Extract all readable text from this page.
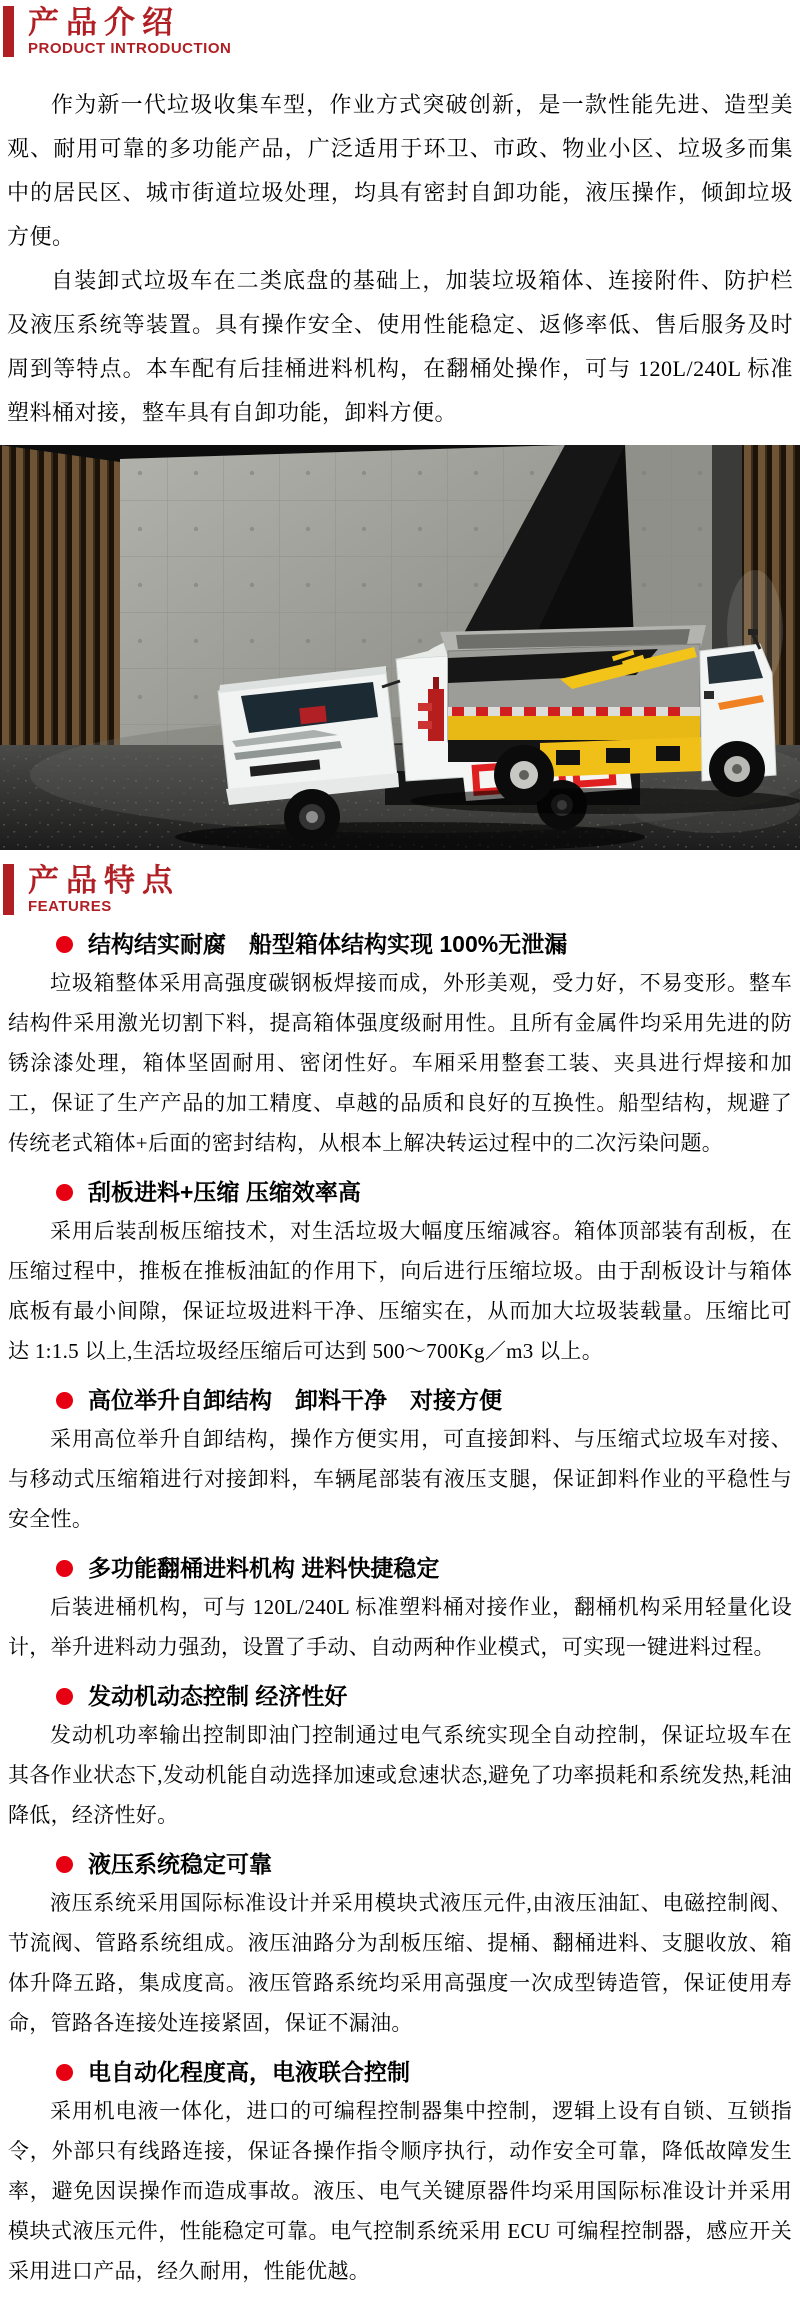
产品介绍
PRODUCT INTRODUCTION

作为新一代垃圾收集车型，作业方式突破创新，是一款性能先进、造型美观、耐用可靠的多功能产品，广泛适用于环卫、市政、物业小区、垃圾多而集中的居民区、城市街道垃圾处理，均具有密封自卸功能，液压操作，倾卸垃圾方便。

自装卸式垃圾车在二类底盘的基础上，加装垃圾箱体、连接附件、防护栏及液压系统等装置。具有操作安全、使用性能稳定、返修率低、售后服务及时周到等特点。本车配有后挂桶进料机构，在翻桶处操作，可与 120L/240L 标准塑料桶对接，整车具有自卸功能，卸料方便。

产品特点
FEATURES
结构结实耐腐　船型箱体结构实现 100%无泄漏

垃圾箱整体采用高强度碳钢板焊接而成，外形美观，受力好，不易变形。整车结构件采用激光切割下料，提高箱体强度级耐用性。且所有金属件均采用先进的防锈涂漆处理，箱体坚固耐用、密闭性好。车厢采用整套工装、夹具进行焊接和加工，保证了生产产品的加工精度、卓越的品质和良好的互换性。船型结构，规避了传统老式箱体+后面的密封结构，从根本上解决转运过程中的二次污染问题。

刮板进料+压缩 压缩效率高

采用后装刮板压缩技术，对生活垃圾大幅度压缩减容。箱体顶部装有刮板，在压缩过程中，推板在推板油缸的作用下，向后进行压缩垃圾。由于刮板设计与箱体底板有最小间隙，保证垃圾进料干净、压缩实在，从而加大垃圾装载量。压缩比可达 1:1.5 以上,生活垃圾经压缩后可达到 500～700Kg／m3 以上。

高位举升自卸结构　卸料干净　对接方便

采用高位举升自卸结构，操作方便实用，可直接卸料、与压缩式垃圾车对接、与移动式压缩箱进行对接卸料，车辆尾部装有液压支腿，保证卸料作业的平稳性与安全性。

多功能翻桶进料机构 进料快捷稳定

后装进桶机构，可与 120L/240L 标准塑料桶对接作业，翻桶机构采用轻量化设计，举升进料动力强劲，设置了手动、自动两种作业模式，可实现一键进料过程。

发动机动态控制 经济性好

发动机功率输出控制即油门控制通过电气系统实现全自动控制，保证垃圾车在其各作业状态下,发动机能自动选择加速或怠速状态,避免了功率损耗和系统发热,耗油降低，经济性好。

液压系统稳定可靠

液压系统采用国际标准设计并采用模块式液压元件,由液压油缸、电磁控制阀、节流阀、管路系统组成。液压油路分为刮板压缩、提桶、翻桶进料、支腿收放、箱体升降五路，集成度高。液压管路系统均采用高强度一次成型铸造管，保证使用寿命，管路各连接处连接紧固，保证不漏油。

电自动化程度高，电液联合控制

采用机电液一体化，进口的可编程控制器集中控制，逻辑上设有自锁、互锁指令，外部只有线路连接，保证各操作指令顺序执行，动作安全可靠，降低故障发生率，避免因误操作而造成事故。液压、电气关键原器件均采用国际标准设计并采用模块式液压元件，性能稳定可靠。电气控制系统采用 ECU 可编程控制器，感应开关采用进口产品，经久耐用，性能优越。
